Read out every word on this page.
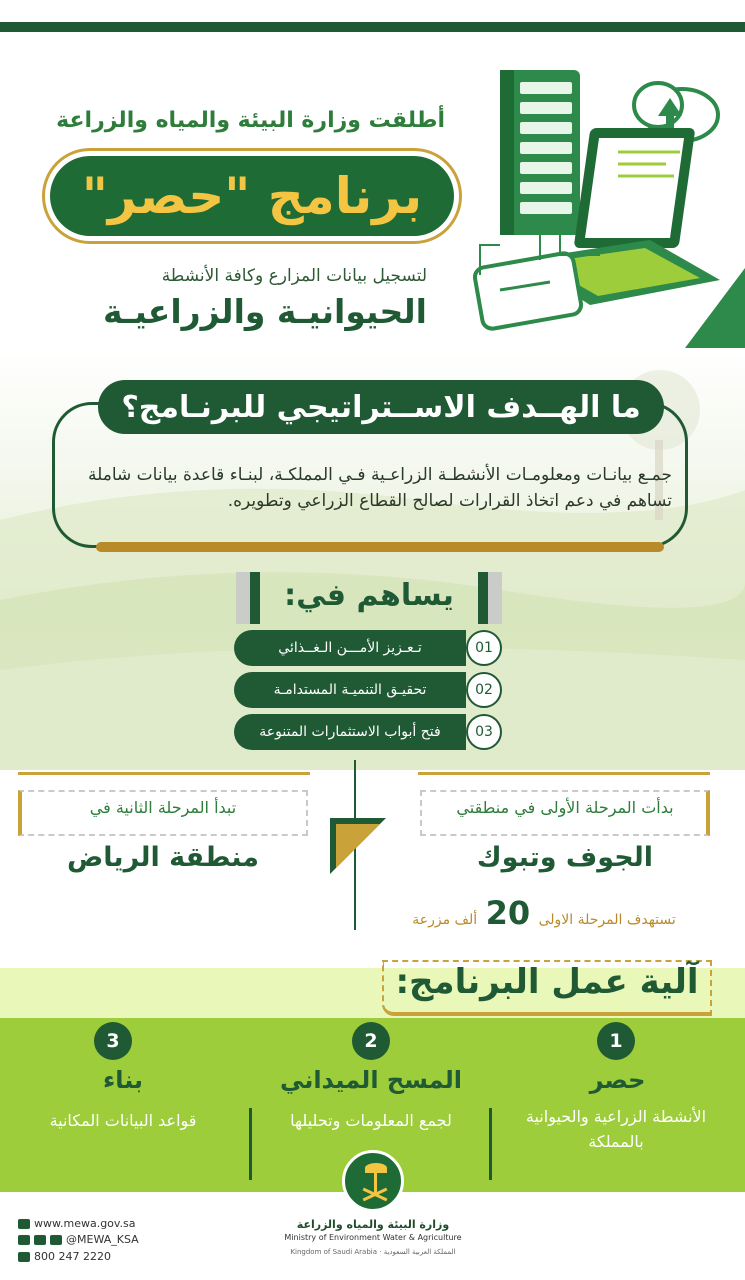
أطلقت وزارة البيئة والمياه والزراعة
برنامج "حصر"
لتسجيل بيانات المزارع وكافة الأنشطة
الحيوانيـة والزراعيـة
ما الهــدف الاســتراتيجي للبرنـامج؟
جمـع بيانـات ومعلومـات الأنشطـة الزراعـية فـي المملكـة، لبنـاء قاعدة بيانات شاملة تساهم في دعم اتخاذ القرارات لصالح القطاع الزراعي وتطويره.
يساهم في:
تـعـزيز الأمـــن الـغــذائي	01
تحقيـق التنميـة المستدامـة	02
فتح أبواب الاستثمارات المتنوعة	03
بدأت المرحلة الأولى في منطقتي
الجوف وتبوك
تستهدف المرحلة الاولى 20 ألف مزرعة
تبدأ المرحلة الثانية في
منطقة الرياض
آلية عمل البرنامج:
1
حصر
الأنشطة الزراعية والحيوانية
بالمملكة
2
المسح الميداني
لجمع المعلومات وتحليلها
3
بناء
قواعد البيانات المكانية
www.mewa.gov.sa
@MEWA_KSA
800 247 2220
وزارة البيئة والمياه والزراعة
Ministry of Environment Water & Agriculture
Kingdom of Saudi Arabia · المملكة العربية السعودية
